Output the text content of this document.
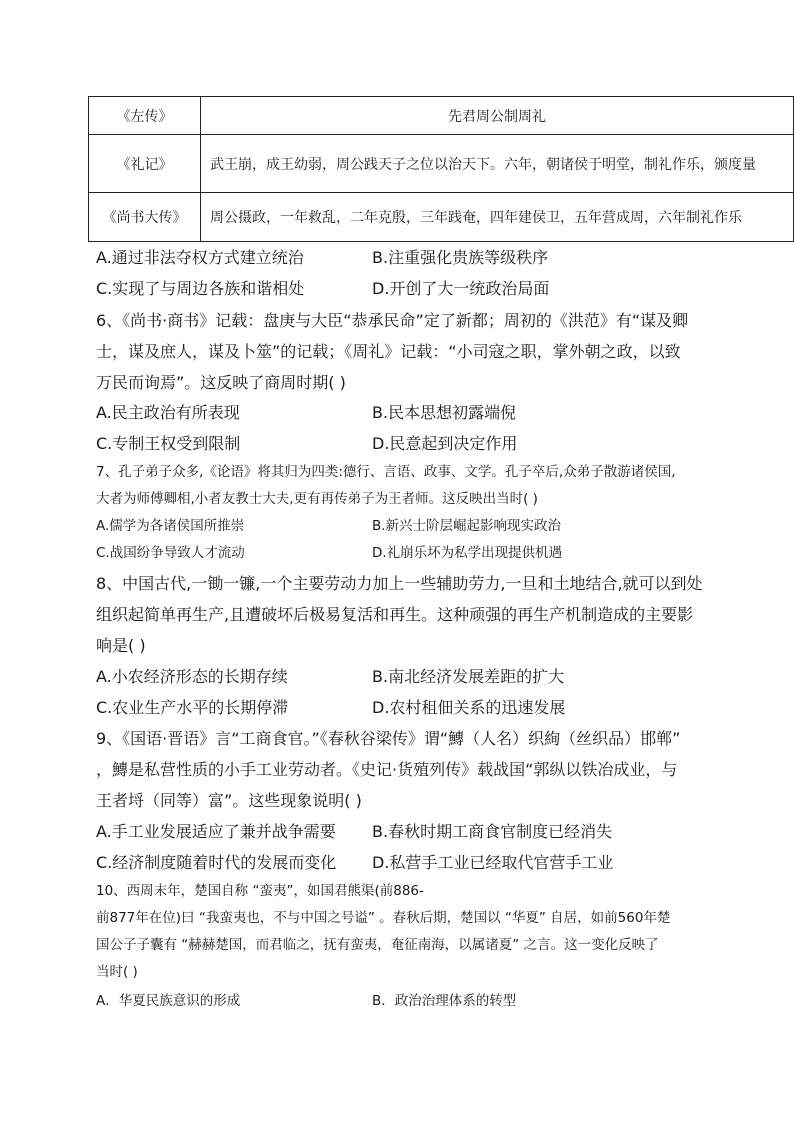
《左传》	先君周公制周礼
《礼记》	武王崩，成王幼弱，周公践天子之位以治天下。六年，朝诸侯于明堂，制礼作乐，颁度量
《尚书大传》	周公摄政，一年救乱，二年克殷，三年践奄，四年建侯卫，五年营成周，六年制礼作乐
A.通过非法夺权方式建立统治	B.注重强化贵族等级秩序
C.实现了与周边各族和谐相处	D.开创了大一统政治局面
6、《尚书·商书》记载：盘庚与大臣“恭承民命”定了新都；周初的《洪范》有“谋及卿
士，谋及庶人，谋及卜筮”的记载；《周礼》记载：“小司寇之职，掌外朝之政，以致
万民而询焉”。这反映了商周时期( )
A.民主政治有所表现	B.民本思想初露端倪
C.专制王权受到限制	D.民意起到决定作用
7、孔子弟子众多,《论语》将其归为四类:德行、言语、政事、文学。孔子卒后,众弟子散游诸侯国,
大者为师傅卿相,小者友教士大夫,更有再传弟子为王者师。这反映出当时( )
A.儒学为各诸侯国所推崇	B.新兴士阶层崛起影响现实政治
C.战国纷争导致人才流动	D.礼崩乐坏为私学出现提供机遇
8、中国古代,一锄一镰,一个主要劳动力加上一些辅助劳力,一旦和土地结合,就可以到处
组织起简单再生产,且遭破坏后极易复活和再生。这种顽强的再生产机制造成的主要影
响是( )
A.小农经济形态的长期存续	B.南北经济发展差距的扩大
C.农业生产水平的长期停滞	D.农村租佃关系的迅速发展
9、《国语·晋语》言“工商食官。”《春秋谷梁传》谓“鱄（人名）织絢（丝织品）邯郸”
，鱄是私营性质的小手工业劳动者。《史记·货殖列传》载战国“郭纵以铁冶成业，与
王者埒（同等）富”。这些现象说明( )
A.手工业发展适应了兼并战争需要 B.春秋时期工商食官制度已经消失
C.经济制度随着时代的发展而变化 D.私营手工业已经取代官营手工业
10、西周末年，楚国自称 “蛮夷”，如国君熊渠(前886-
前877年在位)曰 “我蛮夷也，不与中国之号谥” 。春秋后期，楚国以 “华夏” 自居，如前560年楚
国公子子囊有 “赫赫楚国，而君临之，抚有蛮夷，奄征南海，以属诸夏” 之言。这一变化反映了
当时( )
A．华夏民族意识的形成	B．政治治理体系的转型
